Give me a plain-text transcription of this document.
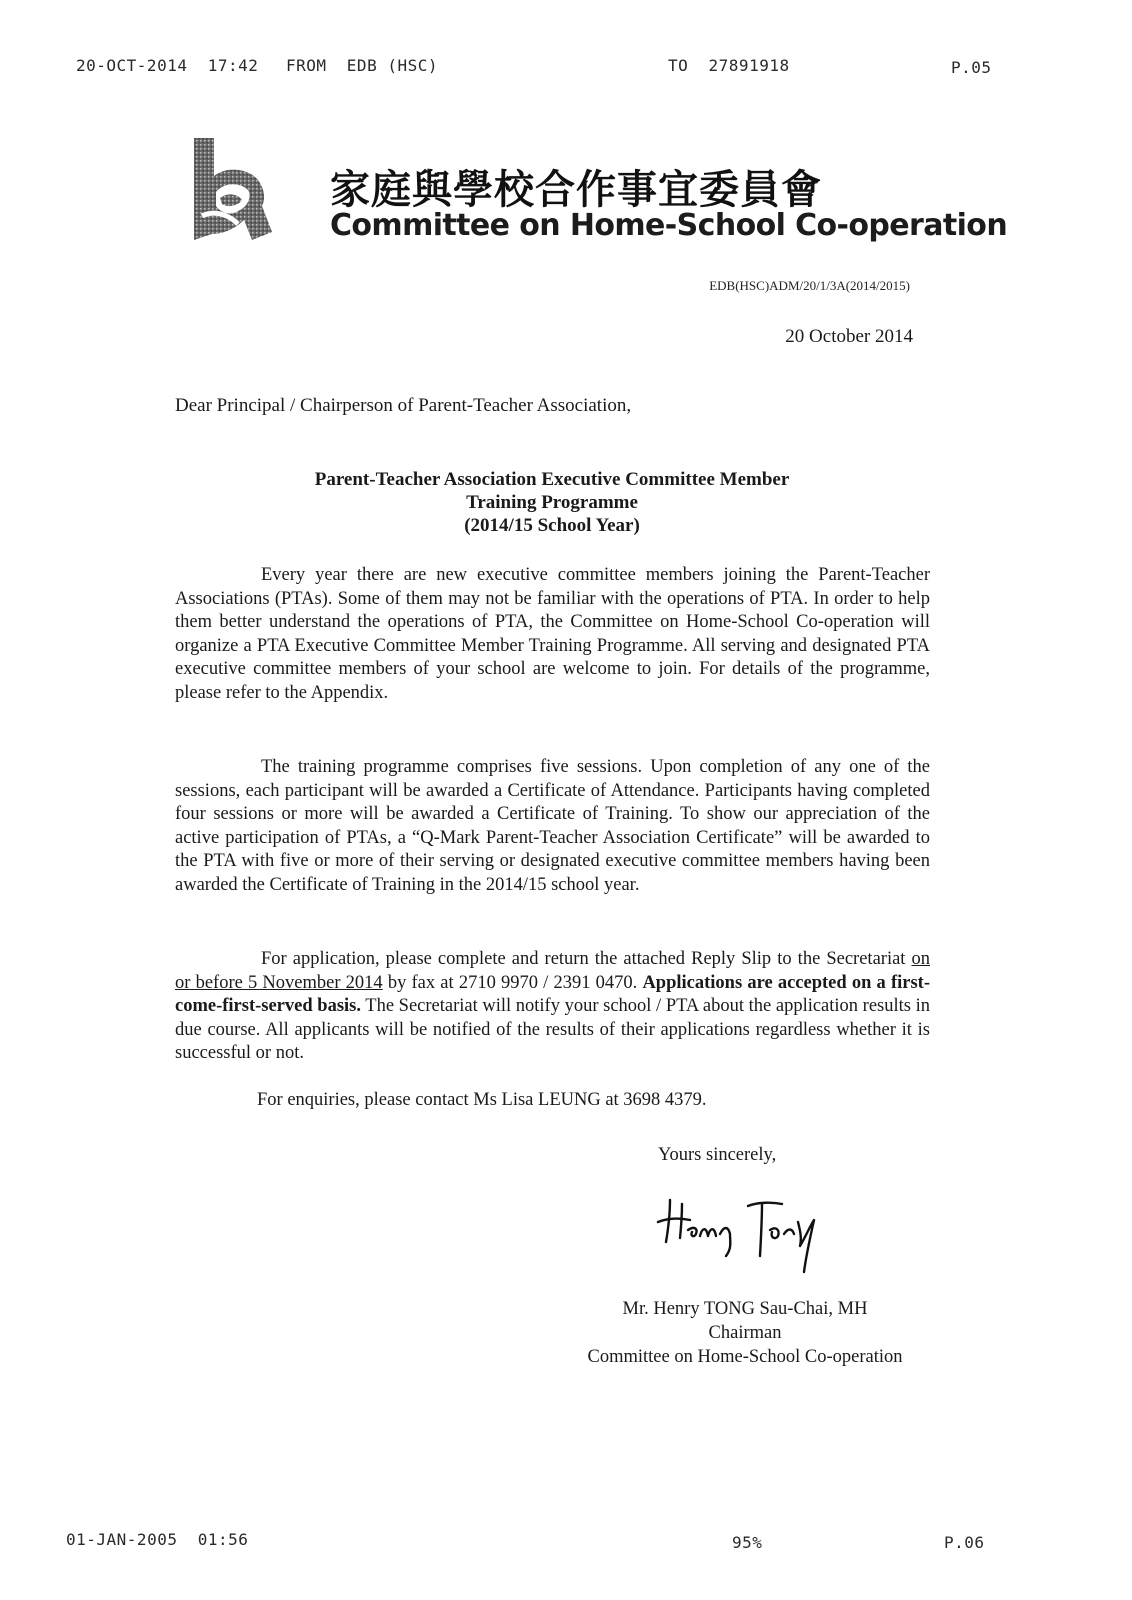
20-OCT-2014  17:42 FROM  EDB (HSC)	TO  27891918	P.05
家庭與學校合作事宜委員會
Committee on Home-School Co-operation
EDB(HSC)ADM/20/1/3A(2014/2015)
20 October 2014
Dear Principal / Chairperson of Parent-Teacher Association,
Parent-Teacher Association Executive Committee Member
Training Programme
(2014/15 School Year)
Every year there are new executive committee members joining the Parent-Teacher Associations (PTAs). Some of them may not be familiar with the operations of PTA. In order to help them better understand the operations of PTA, the Committee on Home-School Co-operation will organize a PTA Executive Committee Member Training Programme. All serving and designated PTA executive committee members of your school are welcome to join. For details of the programme, please refer to the Appendix.
The training programme comprises five sessions. Upon completion of any one of the sessions, each participant will be awarded a Certificate of Attendance. Participants having completed four sessions or more will be awarded a Certificate of Training. To show our appreciation of the active participation of PTAs, a “Q-Mark Parent-Teacher Association Certificate” will be awarded to the PTA with five or more of their serving or designated executive committee members having been awarded the Certificate of Training in the 2014/15 school year.
For application, please complete and return the attached Reply Slip to the Secretariat on or before 5 November 2014 by fax at 2710 9970 / 2391 0470. Applications are accepted on a first-come-first-served basis. The Secretariat will notify your school / PTA about the application results in due course. All applicants will be notified of the results of their applications regardless whether it is successful or not.
For enquiries, please contact Ms Lisa LEUNG at 3698 4379.
Yours sincerely,
Mr. Henry TONG Sau-Chai, MH
Chairman
Committee on Home-School Co-operation
01-JAN-2005  01:56	95%	P.06
